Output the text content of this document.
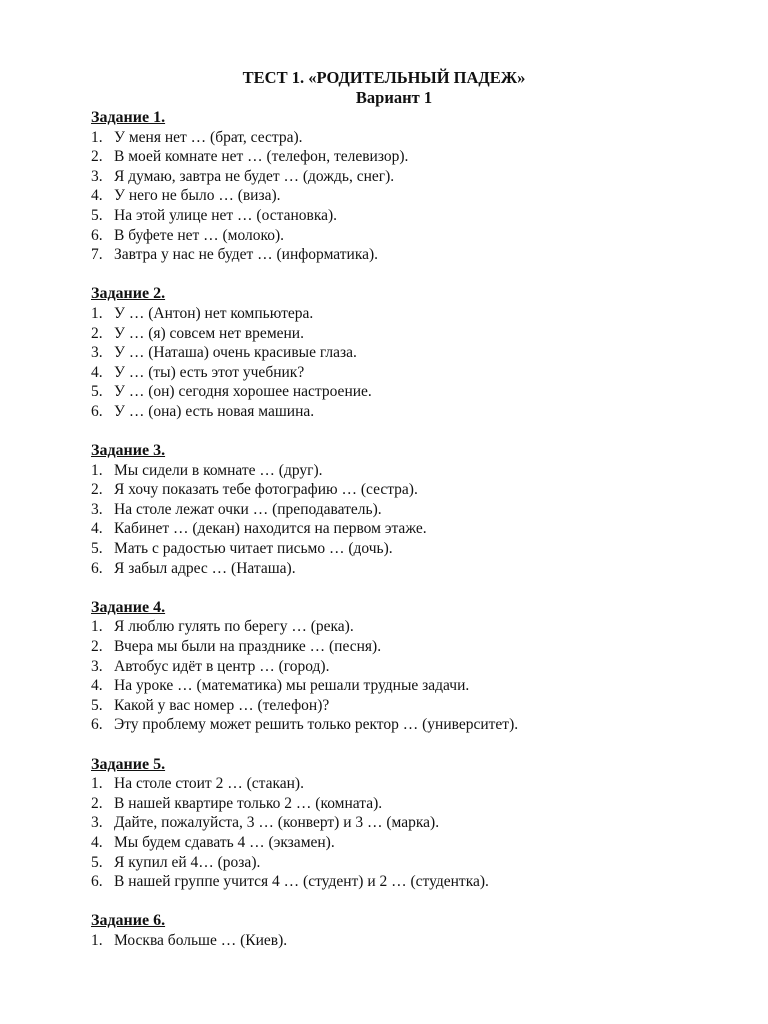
ТЕСТ 1. «РОДИТЕЛЬНЫЙ ПАДЕЖ»
Вариант 1
Задание 1.
1. У меня нет … (брат, сестра).
2. В моей комнате нет … (телефон, телевизор).
3. Я думаю, завтра не будет … (дождь, снег).
4. У него не было … (виза).
5. На этой улице нет … (остановка).
6. В буфете нет … (молоко).
7. Завтра у нас не будет … (информатика).
Задание 2.
1. У … (Антон) нет компьютера.
2. У … (я) совсем нет времени.
3. У … (Наташа) очень красивые глаза.
4. У … (ты) есть этот учебник?
5. У … (он) сегодня хорошее настроение.
6. У … (она) есть новая машина.
Задание 3.
1. Мы сидели в комнате … (друг).
2. Я хочу показать тебе фотографию … (сестра).
3. На столе лежат очки … (преподаватель).
4. Кабинет … (декан) находится на первом этаже.
5. Мать с радостью читает письмо … (дочь).
6. Я забыл адрес … (Наташа).
Задание 4.
1. Я люблю гулять по берегу … (река).
2. Вчера мы были на празднике … (песня).
3. Автобус идёт в центр … (город).
4. На уроке … (математика) мы решали трудные задачи.
5. Какой у вас номер … (телефон)?
6. Эту проблему может решить только ректор … (университет).
Задание 5.
1. На столе стоит 2 … (стакан).
2. В нашей квартире только 2 … (комната).
3. Дайте, пожалуйста, 3 … (конверт) и 3 … (марка).
4. Мы будем сдавать 4 … (экзамен).
5. Я купил ей 4… (роза).
6. В нашей группе учится 4 … (студент) и 2 … (студентка).
Задание 6.
1. Москва больше … (Киев).
